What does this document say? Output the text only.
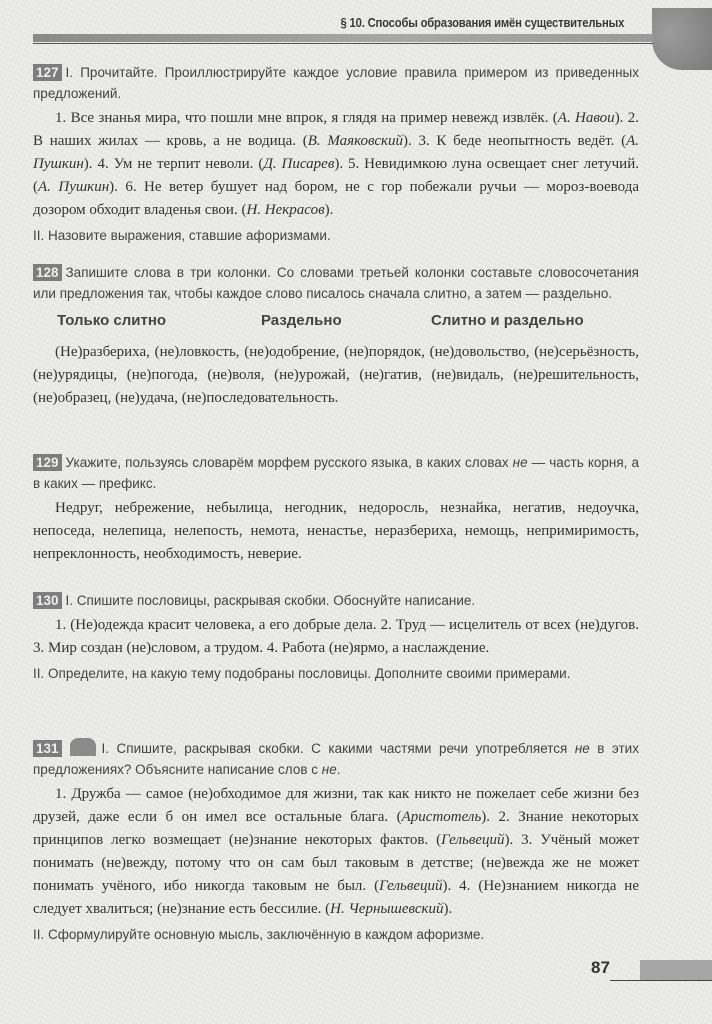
§ 10. Способы образования имён существительных
127 I. Прочитайте. Проиллюстрируйте каждое условие правила примером из приведенных предложений.
1. Все знанья мира, что пошли мне впрок, я глядя на пример невежд извлёк. (А. Навои). 2. В наших жилах — кровь, а не водица. (В. Маяковский). 3. К беде неопытность ведёт. (А. Пушкин). 4. Ум не терпит неволи. (Д. Писарев). 5. Невидимкою луна освещает снег летучий. (А. Пушкин). 6. Не ветер бушует над бором, не с гор побежали ручьи — мороз-воевода дозором обходит владенья свои. (Н. Некрасов).
II. Назовите выражения, ставшие афоризмами.
128 Запишите слова в три колонки. Со словами третьей колонки составьте словосочетания или предложения так, чтобы каждое слово писалось сначала слитно, а затем — раздельно.
Только слитно	Раздельно	Слитно и раздельно
(Не)разбериха, (не)ловкость, (не)одобрение, (не)порядок, (не)довольство, (не)серьёзность, (не)урядицы, (не)погода, (не)воля, (не)урожай, (не)гатив, (не)видаль, (не)решительность, (не)образец, (не)удача, (не)последовательность.
129 Укажите, пользуясь словарём морфем русского языка, в каких словах не — часть корня, а в каких — префикс.
Недруг, небрежение, небылица, негодник, недоросль, незнайка, негатив, недоучка, непоседа, нелепица, нелепость, немота, ненастье, неразбериха, немощь, непримиримость, непреклонность, необходимость, неверие.
130 I. Спишите пословицы, раскрывая скобки. Обоснуйте написание.
1. (Не)одежда красит человека, а его добрые дела. 2. Труд — исцелитель от всех (не)дугов. 3. Мир создан (не)словом, а трудом. 4. Работа (не)ярмо, а наслаждение.
II. Определите, на какую тему подобраны пословицы. Дополните своими примерами.
131	I. Спишите, раскрывая скобки. С какими частями речи употребляется не в этих предложениях? Объясните написание слов с не.
1. Дружба — самое (не)обходимое для жизни, так как никто не пожелает себе жизни без друзей, даже если б он имел все остальные блага. (Аристотель). 2. Знание некоторых принципов легко возмещает (не)знание некоторых фактов. (Гельвеций). 3. Учёный может понимать (не)вежду, потому что он сам был таковым в детстве; (не)вежда же не может понимать учёного, ибо никогда таковым не был. (Гельвеций). 4. (Не)знанием никогда не следует хвалиться; (не)знание есть бессилие. (Н. Чернышевский).
II. Сформулируйте основную мысль, заключённую в каждом афоризме.
87
